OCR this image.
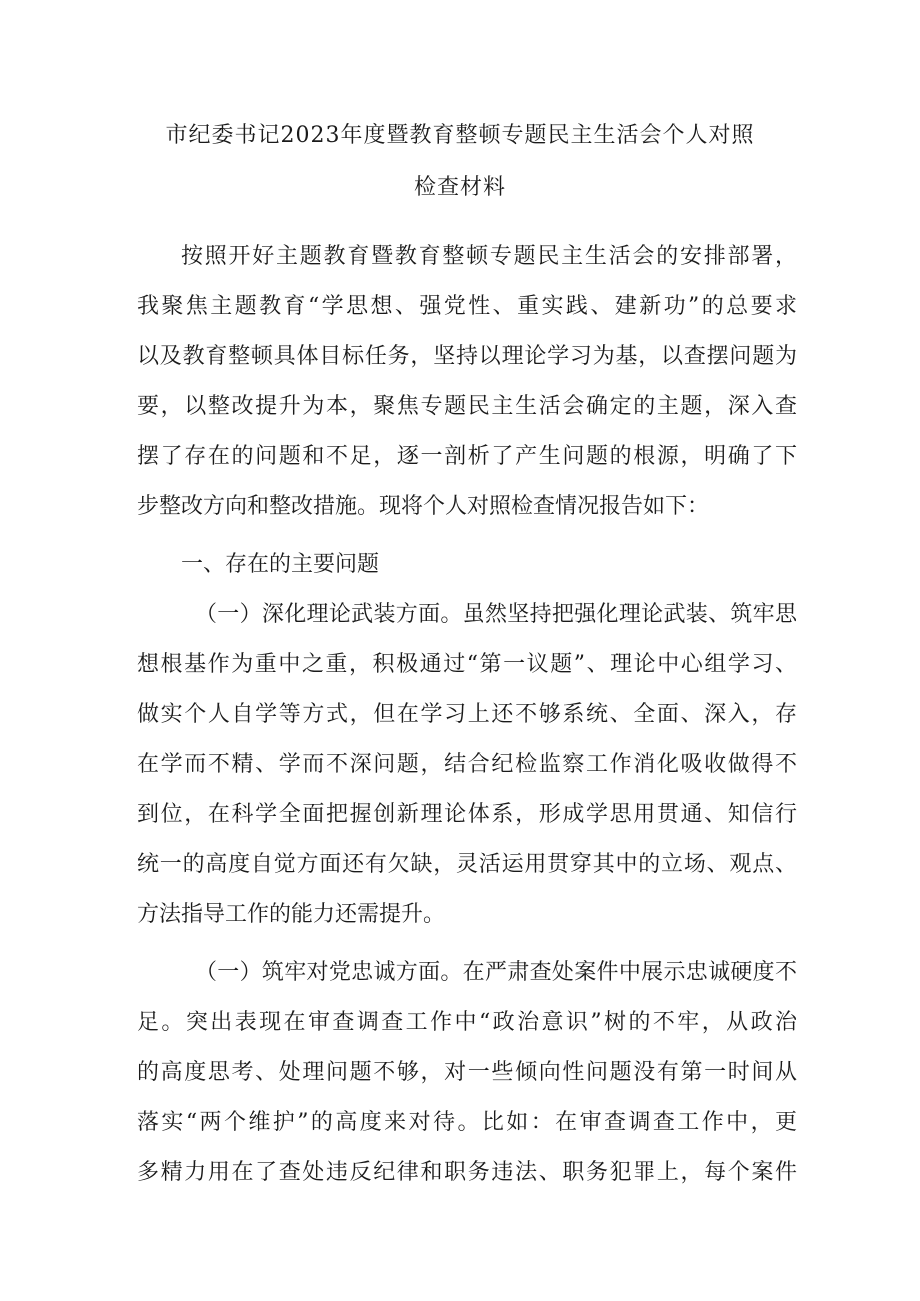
市纪委书记2023年度暨教育整顿专题民主生活会个人对照
检查材料
按照开好主题教育暨教育整顿专题民主生活会的安排部署，
我聚焦主题教育“学思想、强党性、重实践、建新功”的总要求
以及教育整顿具体目标任务，坚持以理论学习为基，以查摆问题为
要，以整改提升为本，聚焦专题民主生活会确定的主题，深入查
摆了存在的问题和不足，逐一剖析了产生问题的根源，明确了下
步整改方向和整改措施。现将个人对照检查情况报告如下：
一、存在的主要问题
（一）深化理论武装方面。虽然坚持把强化理论武装、筑牢思
想根基作为重中之重，积极通过“第一议题”、理论中心组学习、
做实个人自学等方式，但在学习上还不够系统、全面、深入，存
在学而不精、学而不深问题，结合纪检监察工作消化吸收做得不
到位，在科学全面把握创新理论体系，形成学思用贯通、知信行
统一的高度自觉方面还有欠缺，灵活运用贯穿其中的立场、观点、
方法指导工作的能力还需提升。
（一）筑牢对党忠诚方面。在严肃查处案件中展示忠诚硬度不
足。突出表现在审查调查工作中“政治意识”树的不牢，从政治
的高度思考、处理问题不够，对一些倾向性问题没有第一时间从
落实“两个维护”的高度来对待。比如：在审查调查工作中，更
多精力用在了查处违反纪律和职务违法、职务犯罪上，每个案件
